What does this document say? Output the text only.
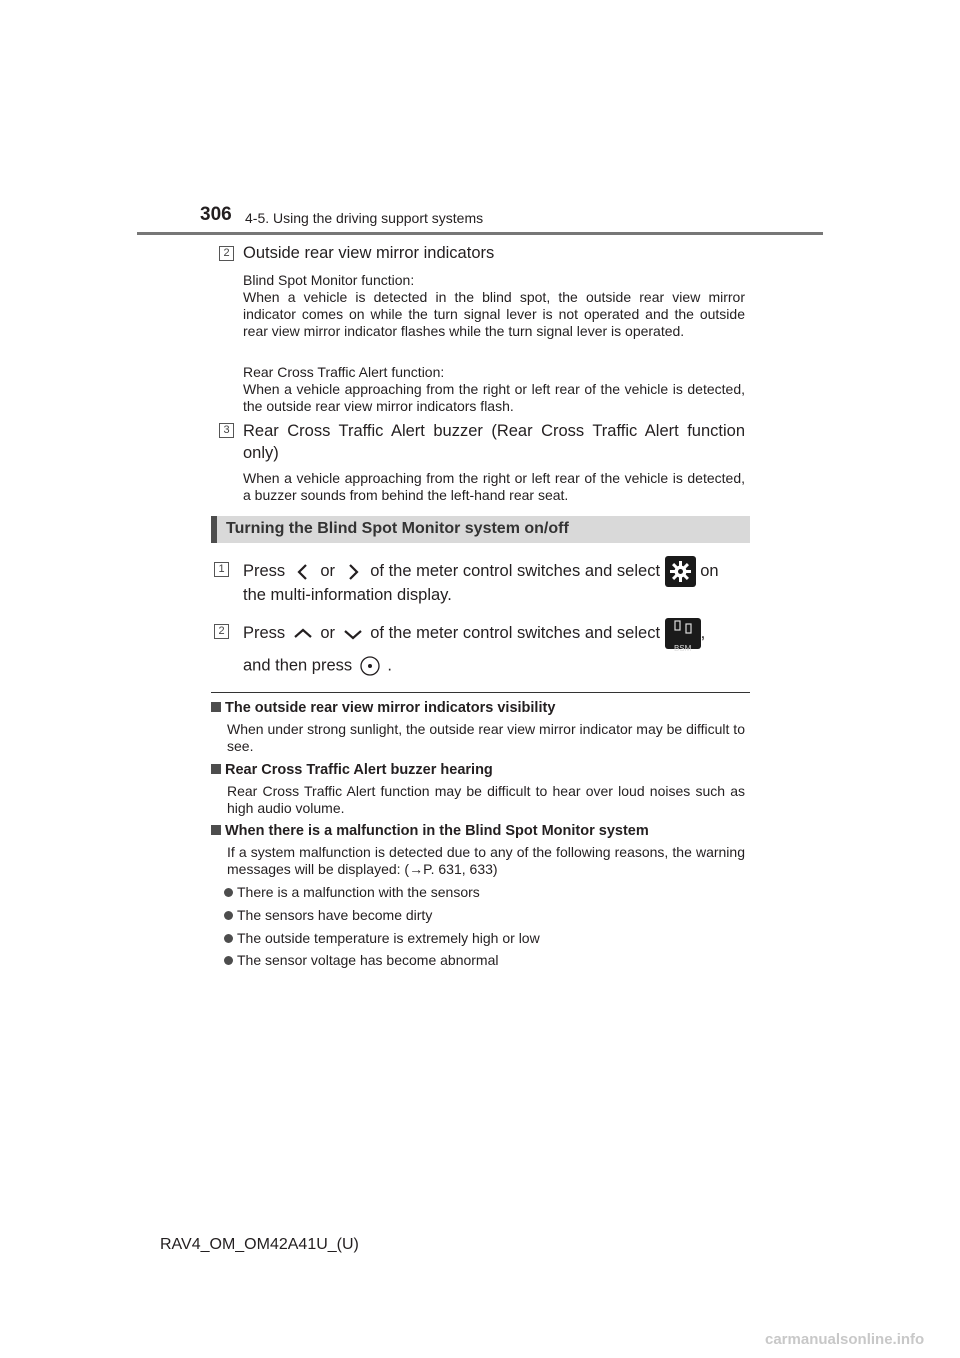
306 4-5. Using the driving support systems
2 Outside rear view mirror indicators
Blind Spot Monitor function:
When a vehicle is detected in the blind spot, the outside rear view mirror indicator comes on while the turn signal lever is not operated and the outside rear view mirror indicator flashes while the turn signal lever is operated.
Rear Cross Traffic Alert function:
When a vehicle approaching from the right or left rear of the vehicle is detected, the outside rear view mirror indicators flash.
3 Rear Cross Traffic Alert buzzer (Rear Cross Traffic Alert function only)
When a vehicle approaching from the right or left rear of the vehicle is detected, a buzzer sounds from behind the left-hand rear seat.
Turning the Blind Spot Monitor system on/off
1 Press or of the meter control switches and select on
the multi-information display.
2 Press or of the meter control switches and select
BSM,
and then press .
The outside rear view mirror indicators visibility
When under strong sunlight, the outside rear view mirror indicator may be difficult to see.
Rear Cross Traffic Alert buzzer hearing
Rear Cross Traffic Alert function may be difficult to hear over loud noises such as high audio volume.
When there is a malfunction in the Blind Spot Monitor system
If a system malfunction is detected due to any of the following reasons, the warning messages will be displayed: (→P. 631, 633)
There is a malfunction with the sensors
The sensors have become dirty
The outside temperature is extremely high or low
The sensor voltage has become abnormal
RAV4_OM_OM42A41U_(U)
carmanualsonline.info
